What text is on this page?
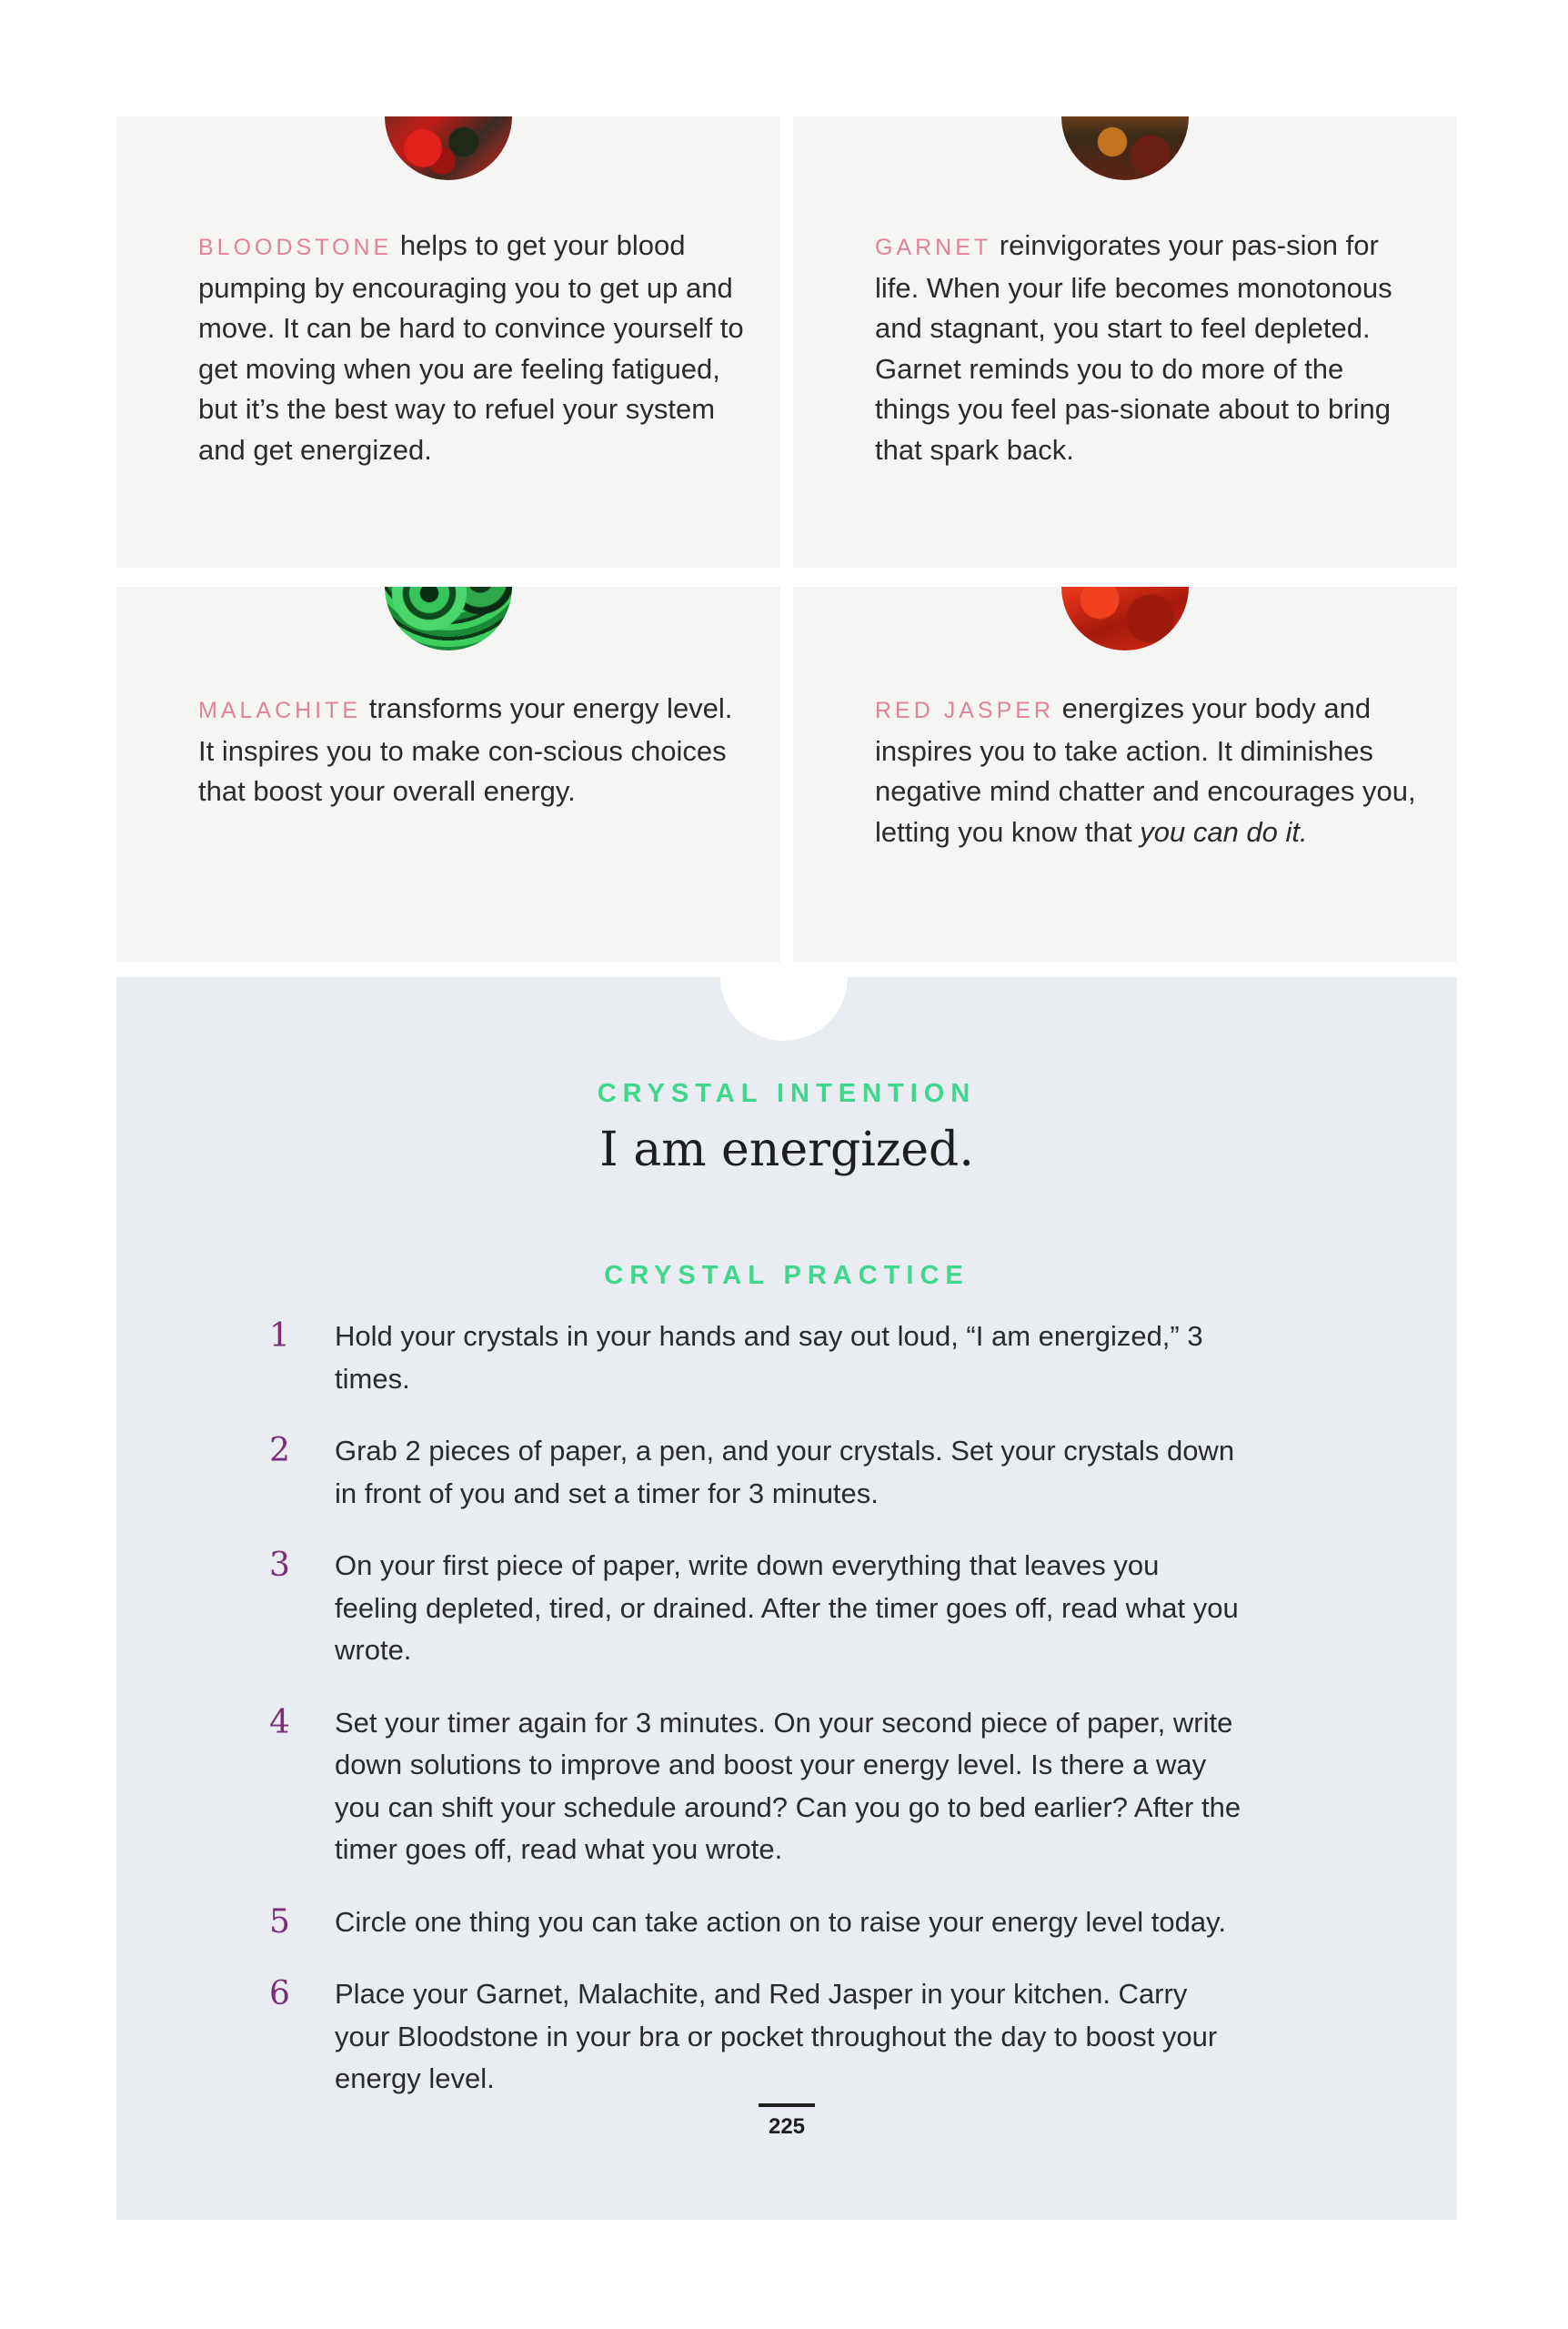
BLOODSTONE helps to get your blood pumping by encouraging you to get up and move. It can be hard to convince yourself to get moving when you are feeling fatigued, but it’s the best way to refuel your system and get energized.

GARNET reinvigorates your pas-sion for life. When your life becomes monotonous and stagnant, you start to feel depleted. Garnet reminds you to do more of the things you feel pas-sionate about to bring that spark back.

MALACHITE transforms your energy level. It inspires you to make con-scious choices that boost your overall energy.

RED JASPER energizes your body and inspires you to take action. It diminishes negative mind chatter and encourages you, letting you know that you can do it.

CRYSTAL INTENTION
I am energized.
CRYSTAL PRACTICE
1 Hold your crystals in your hands and say out loud, “I am energized,” 3 times.
2 Grab 2 pieces of paper, a pen, and your crystals. Set your crystals down in front of you and set a timer for 3 minutes.
3 On your first piece of paper, write down everything that leaves you feeling depleted, tired, or drained. After the timer goes off, read what you wrote.
4 Set your timer again for 3 minutes. On your second piece of paper, write down solutions to improve and boost your energy level. Is there a way you can shift your schedule around? Can you go to bed earlier? After the timer goes off, read what you wrote.
5 Circle one thing you can take action on to raise your energy level today.
6 Place your Garnet, Malachite, and Red Jasper in your kitchen. Carry your Bloodstone in your bra or pocket throughout the day to boost your energy level.
225
